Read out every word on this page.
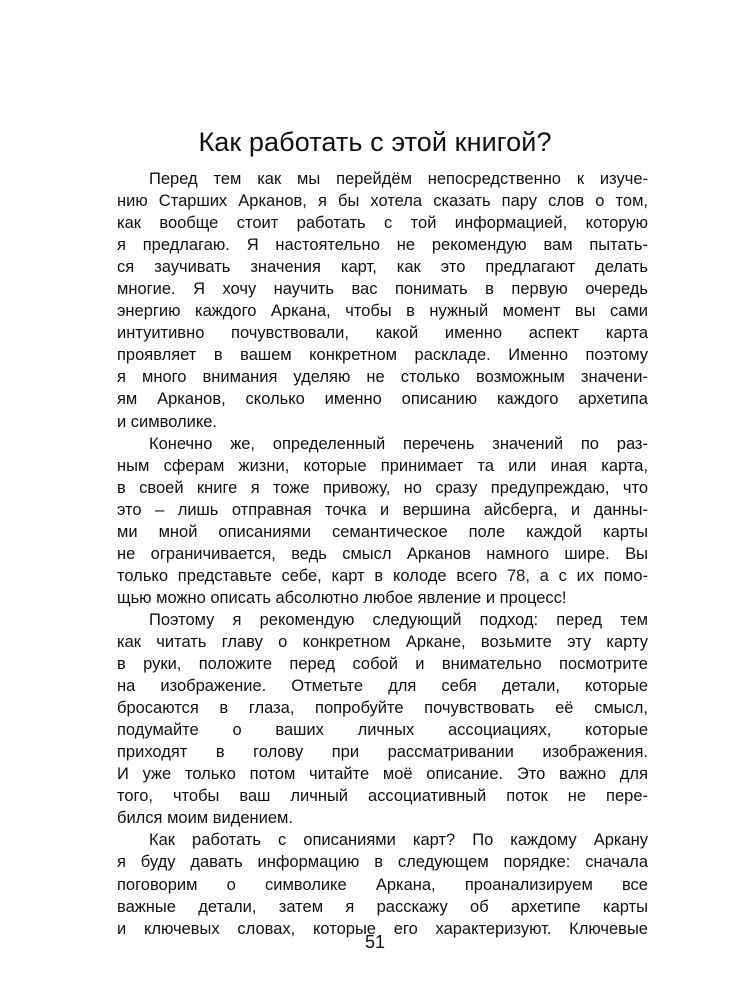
Как работать с этой книгой?
Перед тем как мы перейдём непосредственно к изуче-
нию Старших Арканов, я бы хотела сказать пару слов о том,
как вообще стоит работать с той информацией, которую
я предлагаю. Я настоятельно не рекомендую вам пытать-
ся заучивать значения карт, как это предлагают делать
многие. Я хочу научить вас понимать в первую очередь
энергию каждого Аркана, чтобы в нужный момент вы сами
интуитивно почувствовали, какой именно аспект карта
проявляет в вашем конкретном раскладе. Именно поэтому
я много внимания уделяю не столько возможным значени-
ям Арканов, сколько именно описанию каждого архетипа
и символике.
Конечно же, определенный перечень значений по раз-
ным сферам жизни, которые принимает та или иная карта,
в своей книге я тоже привожу, но сразу предупреждаю, что
это – лишь отправная точка и вершина айсберга, и данны-
ми мной описаниями семантическое поле каждой карты
не ограничивается, ведь смысл Арканов намного шире. Вы
только представьте себе, карт в колоде всего 78, а с их помо-
щью можно описать абсолютно любое явление и процесс!
Поэтому я рекомендую следующий подход: перед тем
как читать главу о конкретном Аркане, возьмите эту карту
в руки, положите перед собой и внимательно посмотрите
на изображение. Отметьте для себя детали, которые
бросаются в глаза, попробуйте почувствовать её смысл,
подумайте о ваших личных ассоциациях, которые
приходят в голову при рассматривании изображения.
И уже только потом читайте моё описание. Это важно для
того, чтобы ваш личный ассоциативный поток не пере-
бился моим видением.
Как работать с описаниями карт? По каждому Аркану
я буду давать информацию в следующем порядке: сначала
поговорим о символике Аркана, проанализируем все
важные детали, затем я расскажу об архетипе карты
и ключевых словах, которые его характеризуют. Ключевые
51
